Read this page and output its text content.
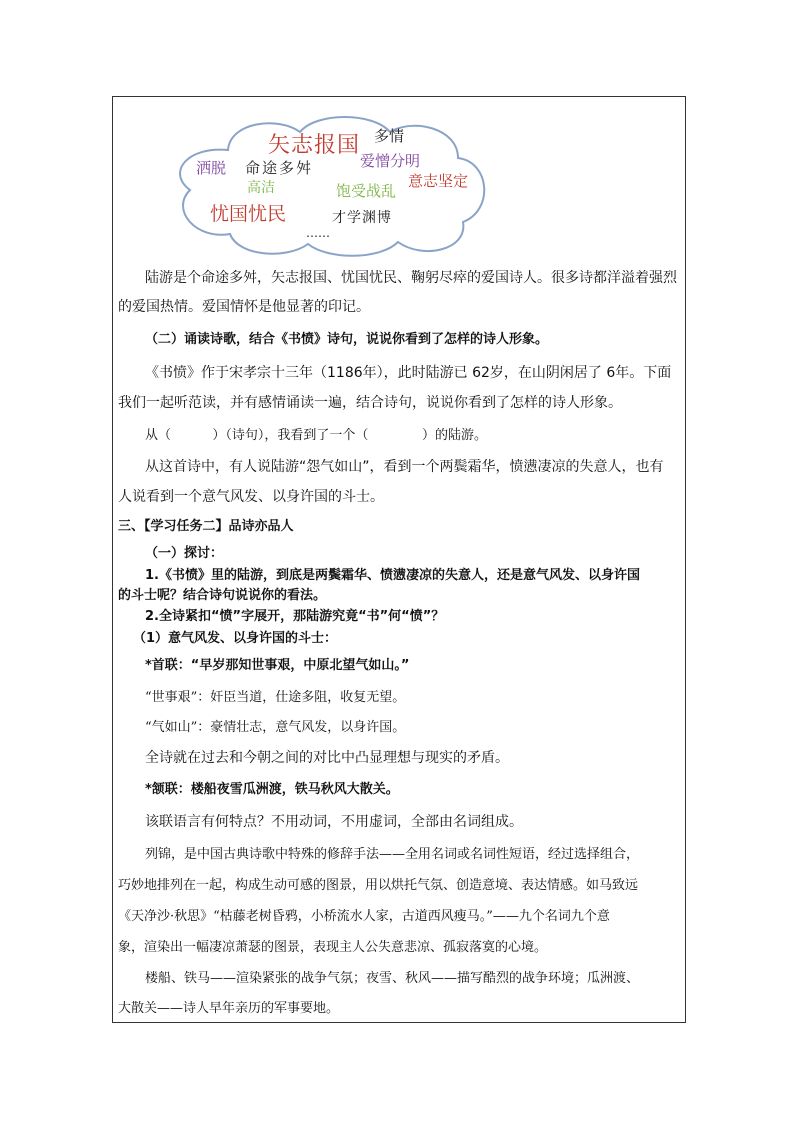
矢志报国 多情
洒脱 命途多舛	爱憎分明
高洁	饱受战乱
意志坚定
忧国忧民	才学渊博
……
陆游是个命途多舛，矢志报国、忧国忧民、鞠躬尽瘁的爱国诗人。很多诗都洋溢着强烈
的爱国热情。爱国情怀是他显著的印记。
（二）诵读诗歌，结合《书愤》诗句，说说你看到了怎样的诗人形象。
《书愤》作于宋孝宗十三年（1186年），此时陆游已 62岁，在山阴闲居了 6年。下面
我们一起听范读，并有感情诵读一遍，结合诗句，说说你看到了怎样的诗人形象。
从（          ）（诗句），我看到了一个（             ）的陆游。
从这首诗中，有人说陆游“怨气如山”，看到一个两鬓霜华，愤懑凄凉的失意人，也有
人说看到一个意气风发、以身许国的斗士。
三、【学习任务二】品诗亦品人
（一）探讨：
1.《书愤》里的陆游，到底是两鬓霜华、愤懑凄凉的失意人，还是意气风发、以身许国
的斗士呢？结合诗句说说你的看法。
2.全诗紧扣“愤”字展开，那陆游究竟“书”何“愤”？
（1）意气风发、以身许国的斗士：
*首联：“早岁那知世事艰，中原北望气如山。”
“世事艰”：奸臣当道，仕途多阻，收复无望。
“气如山”：豪情壮志，意气风发，以身许国。
全诗就在过去和今朝之间的对比中凸显理想与现实的矛盾。
*颔联：楼船夜雪瓜洲渡，铁马秋风大散关。
该联语言有何特点？不用动词，不用虚词，全部由名词组成。
列锦，是中国古典诗歌中特殊的修辞手法——全用名词或名词性短语，经过选择组合，
巧妙地排列在一起，构成生动可感的图景，用以烘托气氛、创造意境、表达情感。如马致远
《天净沙·秋思》“枯藤老树昏鸦，小桥流水人家，古道西风瘦马。”——九个名词九个意
象，渲染出一幅凄凉萧瑟的图景，表现主人公失意悲凉、孤寂落寞的心境。
楼船、铁马——渲染紧张的战争气氛；夜雪、秋风——描写酷烈的战争环境；瓜洲渡、
大散关——诗人早年亲历的军事要地。
